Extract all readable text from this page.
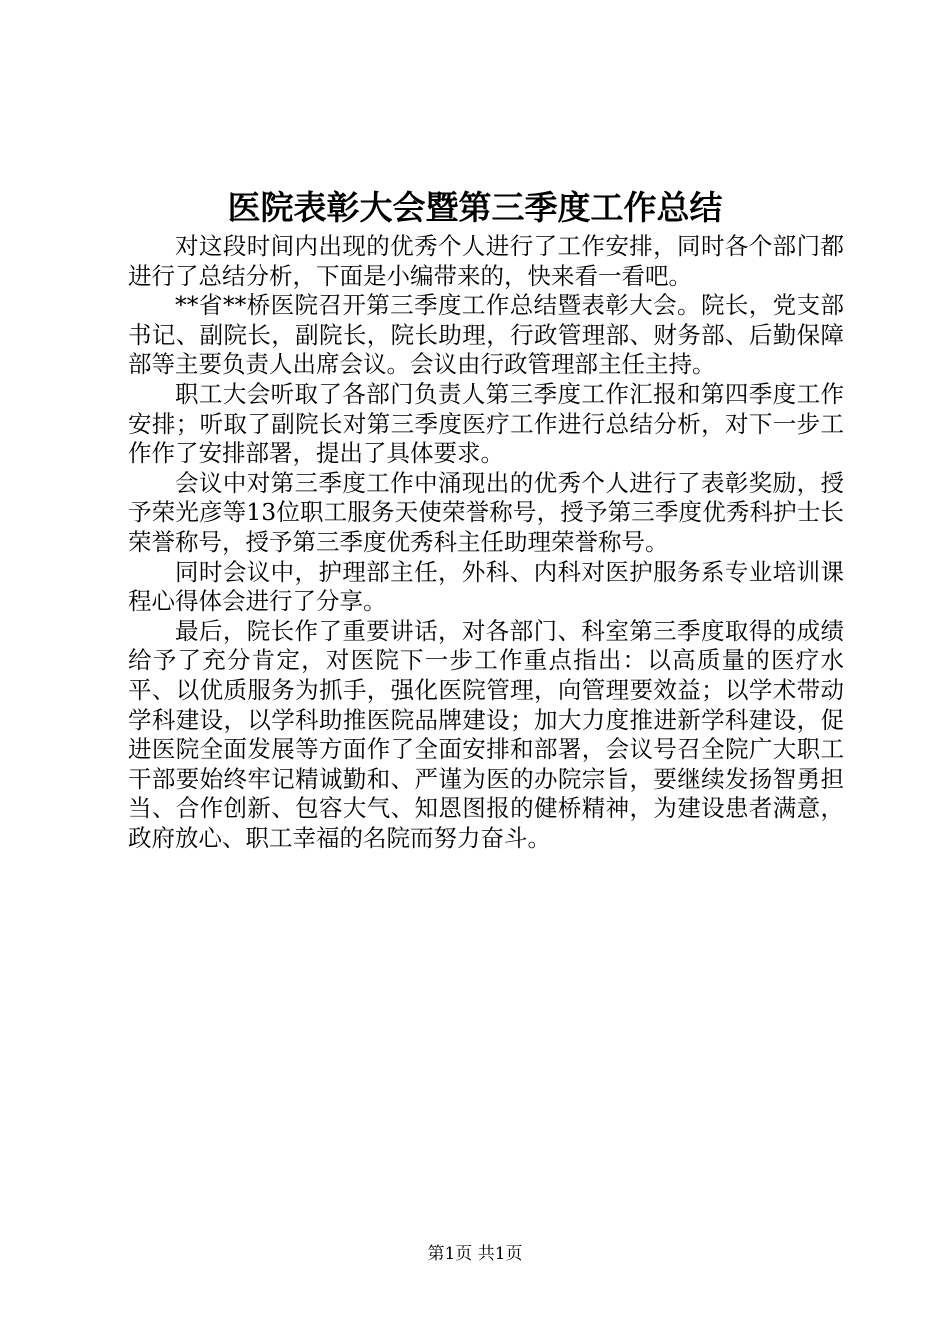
医院表彰大会暨第三季度工作总结

对这段时间内出现的优秀个人进行了工作安排，同时各个部门都进行了总结分析，下面是小编带来的，快来看一看吧。

**省**桥医院召开第三季度工作总结暨表彰大会。院长，党支部书记、副院长，副院长，院长助理，行政管理部、财务部、后勤保障部等主要负责人出席会议。会议由行政管理部主任主持。

职工大会听取了各部门负责人第三季度工作汇报和第四季度工作安排；听取了副院长对第三季度医疗工作进行总结分析，对下一步工作作了安排部署，提出了具体要求。

会议中对第三季度工作中涌现出的优秀个人进行了表彰奖励，授予荣光彦等13位职工服务天使荣誉称号，授予第三季度优秀科护士长荣誉称号，授予第三季度优秀科主任助理荣誉称号。

同时会议中，护理部主任，外科、内科对医护服务系专业培训课程心得体会进行了分享。

最后，院长作了重要讲话，对各部门、科室第三季度取得的成绩给予了充分肯定，对医院下一步工作重点指出：以高质量的医疗水平、以优质服务为抓手，强化医院管理，向管理要效益；以学术带动学科建设，以学科助推医院品牌建设；加大力度推进新学科建设，促进医院全面发展等方面作了全面安排和部署，会议号召全院广大职工干部要始终牢记精诚勤和、严谨为医的办院宗旨，要继续发扬智勇担当、合作创新、包容大气、知恩图报的健桥精神，为建设患者满意，政府放心、职工幸福的名院而努力奋斗。

第1页 共1页
